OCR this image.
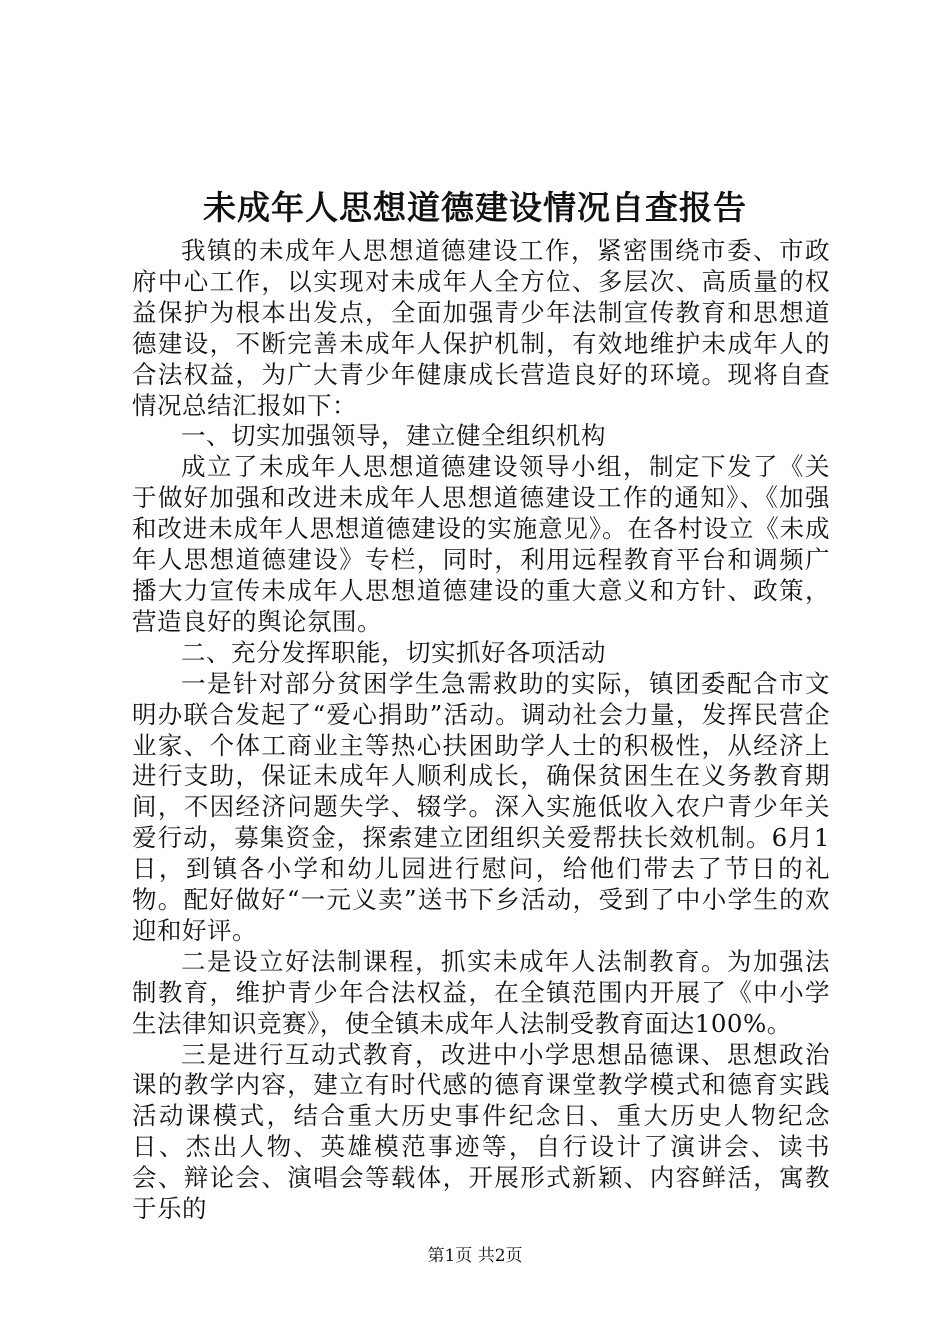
未成年人思想道德建设情况自查报告

我镇的未成年人思想道德建设工作，紧密围绕市委、市政府中心工作，以实现对未成年人全方位、多层次、高质量的权益保护为根本出发点，全面加强青少年法制宣传教育和思想道德建设，不断完善未成年人保护机制，有效地维护未成年人的合法权益，为广大青少年健康成长营造良好的环境。现将自查情况总结汇报如下：

一、切实加强领导，建立健全组织机构

成立了未成年人思想道德建设领导小组，制定下发了《关于做好加强和改进未成年人思想道德建设工作的通知》、《加强和改进未成年人思想道德建设的实施意见》。在各村设立《未成年人思想道德建设》专栏，同时，利用远程教育平台和调频广播大力宣传未成年人思想道德建设的重大意义和方针、政策，营造良好的舆论氛围。

二、充分发挥职能，切实抓好各项活动

一是针对部分贫困学生急需救助的实际，镇团委配合市文明办联合发起了“爱心捐助”活动。调动社会力量，发挥民营企业家、个体工商业主等热心扶困助学人士的积极性，从经济上进行支助，保证未成年人顺利成长，确保贫困生在义务教育期间，不因经济问题失学、辍学。深入实施低收入农户青少年关爱行动，募集资金，探索建立团组织关爱帮扶长效机制。6月1日，到镇各小学和幼儿园进行慰问，给他们带去了节日的礼物。配好做好“一元义卖”送书下乡活动，受到了中小学生的欢迎和好评。

二是设立好法制课程，抓实未成年人法制教育。为加强法制教育，维护青少年合法权益，在全镇范围内开展了《中小学生法律知识竞赛》，使全镇未成年人法制受教育面达100%。

三是进行互动式教育，改进中小学思想品德课、思想政治课的教学内容，建立有时代感的德育课堂教学模式和德育实践活动课模式，结合重大历史事件纪念日、重大历史人物纪念日、杰出人物、英雄模范事迹等，自行设计了演讲会、读书会、辩论会、演唱会等载体，开展形式新颖、内容鲜活，寓教于乐的

第1页 共2页
